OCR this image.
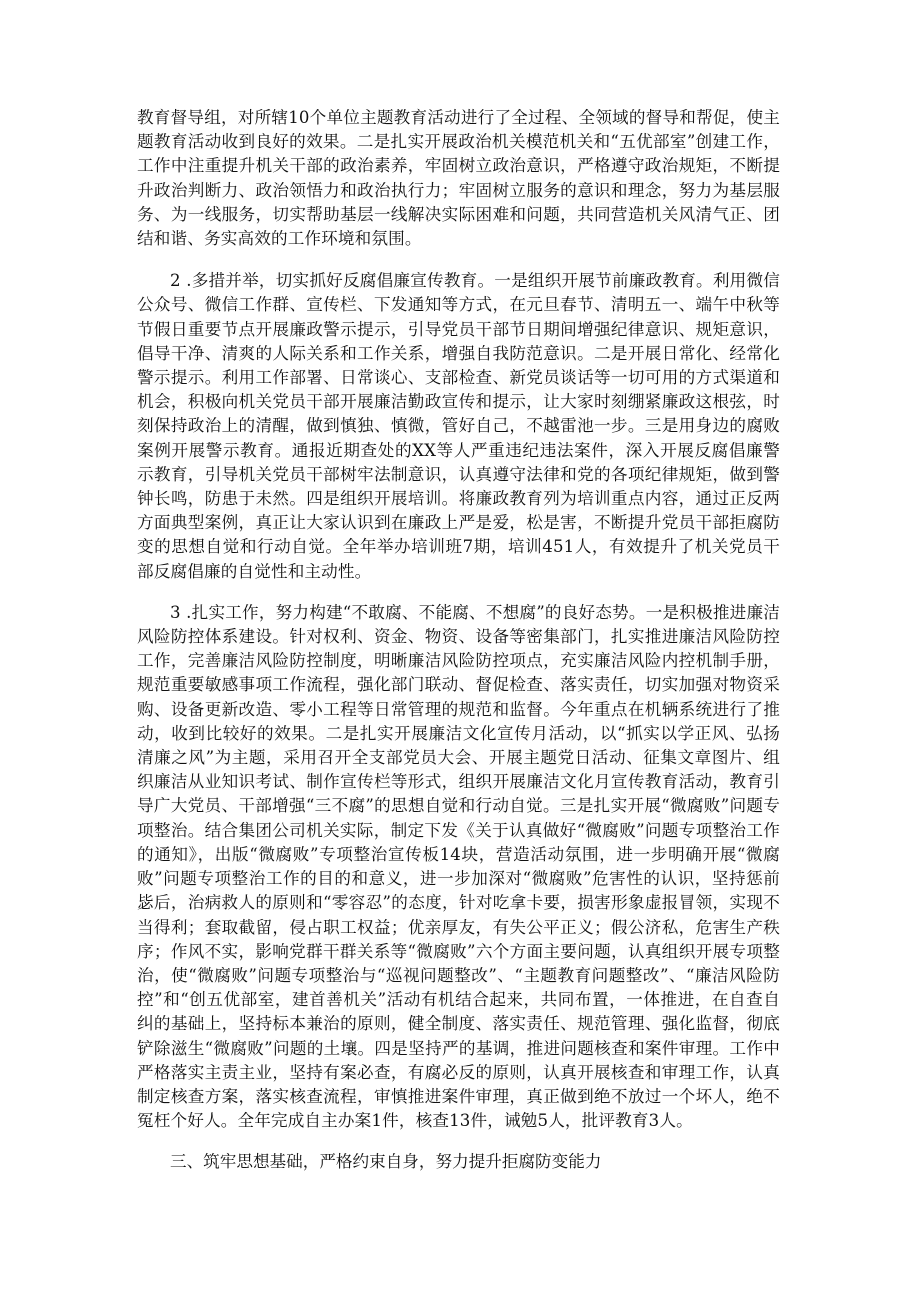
教育督导组，对所辖10个单位主题教育活动进行了全过程、全领域的督导和帮促，使主题教育活动收到良好的效果。二是扎实开展政治机关模范机关和“五优部室”创建工作，工作中注重提升机关干部的政治素养，牢固树立政治意识，严格遵守政治规矩，不断提升政治判断力、政治领悟力和政治执行力；牢固树立服务的意识和理念，努力为基层服务、为一线服务，切实帮助基层一线解决实际困难和问题，共同营造机关风清气正、团结和谐、务实高效的工作环境和氛围。

2 .多措并举，切实抓好反腐倡廉宣传教育。一是组织开展节前廉政教育。利用微信公众号、微信工作群、宣传栏、下发通知等方式，在元旦春节、清明五一、端午中秋等节假日重要节点开展廉政警示提示，引导党员干部节日期间增强纪律意识、规矩意识，倡导干净、清爽的人际关系和工作关系，增强自我防范意识。二是开展日常化、经常化警示提示。利用工作部署、日常谈心、支部检查、新党员谈话等一切可用的方式渠道和机会，积极向机关党员干部开展廉洁勤政宣传和提示，让大家时刻绷紧廉政这根弦，时刻保持政治上的清醒，做到慎独、慎微，管好自己，不越雷池一步。三是用身边的腐败案例开展警示教育。通报近期查处的XX等人严重违纪违法案件，深入开展反腐倡廉警示教育，引导机关党员干部树牢法制意识，认真遵守法律和党的各项纪律规矩，做到警钟长鸣，防患于未然。四是组织开展培训。将廉政教育列为培训重点内容，通过正反两方面典型案例，真正让大家认识到在廉政上严是爱，松是害，不断提升党员干部拒腐防变的思想自觉和行动自觉。全年举办培训班7期，培训451人，有效提升了机关党员干部反腐倡廉的自觉性和主动性。

3 .扎实工作，努力构建“不敢腐、不能腐、不想腐”的良好态势。一是积极推进廉洁风险防控体系建设。针对权利、资金、物资、设备等密集部门，扎实推进廉洁风险防控工作，完善廉洁风险防控制度，明晰廉洁风险防控项点，充实廉洁风险内控机制手册，规范重要敏感事项工作流程，强化部门联动、督促检查、落实责任，切实加强对物资采购、设备更新改造、零小工程等日常管理的规范和监督。今年重点在机辆系统进行了推动，收到比较好的效果。二是扎实开展廉洁文化宣传月活动，以“抓实以学正风、弘扬清廉之风”为主题，采用召开全支部党员大会、开展主题党日活动、征集文章图片、组织廉洁从业知识考试、制作宣传栏等形式，组织开展廉洁文化月宣传教育活动，教育引导广大党员、干部增强“三不腐”的思想自觉和行动自觉。三是扎实开展“微腐败”问题专项整治。结合集团公司机关实际，制定下发《关于认真做好“微腐败”问题专项整治工作的通知》，出版“微腐败”专项整治宣传板14块，营造活动氛围，进一步明确开展“微腐败”问题专项整治工作的目的和意义，进一步加深对“微腐败”危害性的认识，坚持惩前毖后，治病救人的原则和“零容忍”的态度，针对吃拿卡要，损害形象虚报冒领，实现不当得利；套取截留，侵占职工权益；优亲厚友，有失公平正义；假公济私，危害生产秩序；作风不实，影响党群干群关系等“微腐败”六个方面主要问题，认真组织开展专项整治，使“微腐败”问题专项整治与“巡视问题整改”、“主题教育问题整改”、“廉洁风险防控”和“创五优部室，建首善机关”活动有机结合起来，共同布置，一体推进，在自查自纠的基础上，坚持标本兼治的原则，健全制度、落实责任、规范管理、强化监督，彻底铲除滋生“微腐败”问题的土壤。四是坚持严的基调，推进问题核查和案件审理。工作中严格落实主责主业，坚持有案必查，有腐必反的原则，认真开展核查和审理工作，认真制定核查方案，落实核查流程，审慎推进案件审理，真正做到绝不放过一个坏人，绝不冤枉个好人。全年完成自主办案1件，核查13件，诫勉5人，批评教育3人。

三、筑牢思想基础，严格约束自身，努力提升拒腐防变能力
